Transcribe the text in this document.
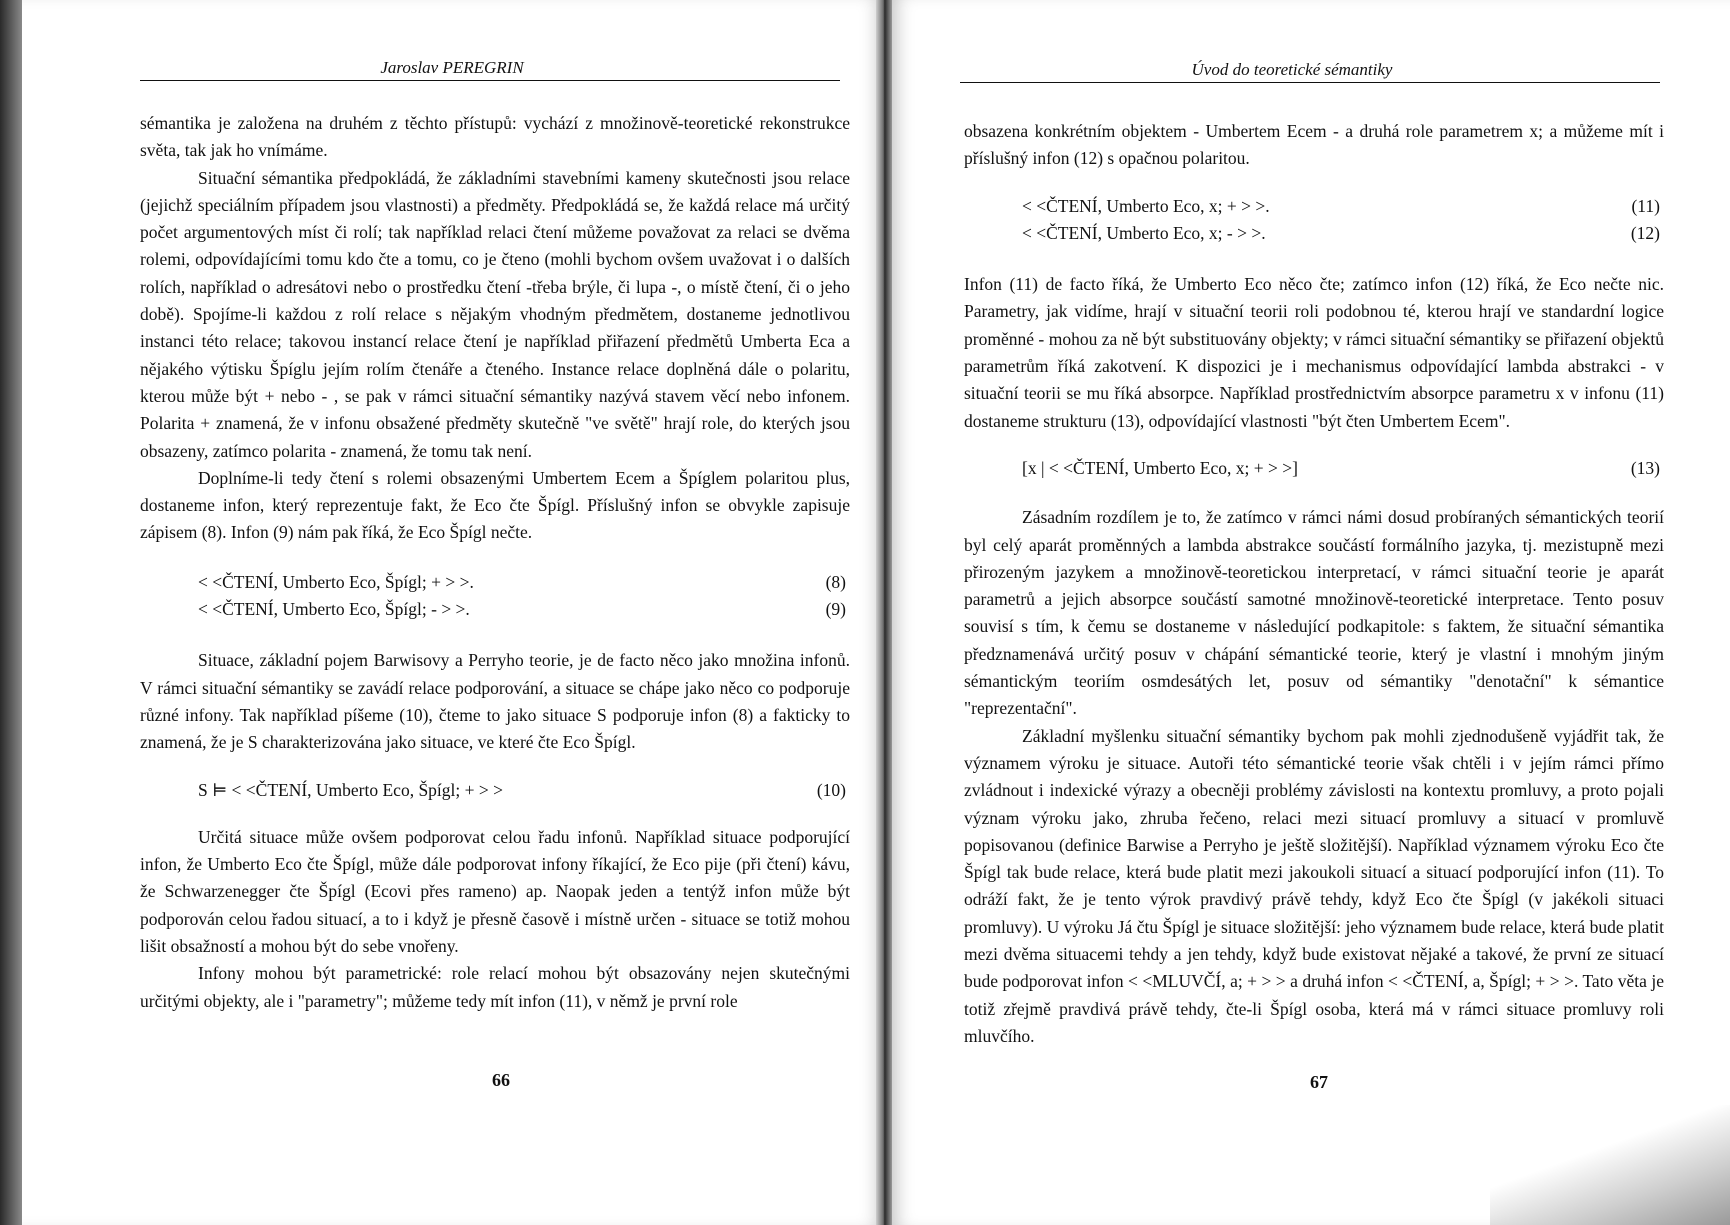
Jaroslav PEREGRIN

sémantika je založena na druhém z těchto přístupů: vychází z množinově-teoretické rekonstrukce světa, tak jak ho vnímáme.

Situační sémantika předpokládá, že základními stavebními kameny skutečnosti jsou relace (jejichž speciálním případem jsou vlastnosti) a předměty. Předpokládá se, že každá relace má určitý počet argumentových míst či rolí; tak například relaci čtení můžeme považovat za relaci se dvěma rolemi, odpovídajícími tomu kdo čte a tomu, co je čteno (mohli bychom ovšem uvažovat i o dalších rolích, například o adresátovi nebo o prostředku čtení -třeba brýle, či lupa -, o místě čtení, či o jeho době). Spojíme-li každou z rolí relace s nějakým vhodným předmětem, dostaneme jednotlivou instanci této relace; takovou instancí relace čtení je například přiřazení předmětů Umberta Eca a nějakého výtisku Špíglu jejím rolím čtenáře a čteného. Instance relace doplněná dále o polaritu, kterou může být + nebo - , se pak v rámci situační sémantiky nazývá stavem věcí nebo infonem. Polarita + znamená, že v infonu obsažené předměty skutečně "ve světě" hrají role, do kterých jsou obsazeny, zatímco polarita - znamená, že tomu tak není.

Doplníme-li tedy čtení s rolemi obsazenými Umbertem Ecem a Špíglem polaritou plus, dostaneme infon, který reprezentuje fakt, že Eco čte Špígl. Příslušný infon se obvykle zapisuje zápisem (8). Infon (9) nám pak říká, že Eco Špígl nečte.

< <ČTENÍ, Umberto Eco, Špígl; + > >.	(8)
< <ČTENÍ, Umberto Eco, Špígl; - > >.	(9)

Situace, základní pojem Barwisovy a Perryho teorie, je de facto něco jako množina infonů. V rámci situační sémantiky se zavádí relace podporování, a situace se chápe jako něco co podporuje různé infony. Tak například píšeme (10), čteme to jako situace S podporuje infon (8) a fakticky to znamená, že je S charakterizována jako situace, ve které čte Eco Špígl.

S ⊨ < <ČTENÍ, Umberto Eco, Špígl; + > >	(10)

Určitá situace může ovšem podporovat celou řadu infonů. Například situace podporující infon, že Umberto Eco čte Špígl, může dále podporovat infony říkající, že Eco pije (při čtení) kávu, že Schwarzenegger čte Špígl (Ecovi přes rameno) ap. Naopak jeden a tentýž infon může být podporován celou řadou situací, a to i když je přesně časově i místně určen - situace se totiž mohou lišit obsažností a mohou být do sebe vnořeny.

Infony mohou být parametrické: role relací mohou být obsazovány nejen skutečnými určitými objekty, ale i "parametry"; můžeme tedy mít infon (11), v němž je první role

66
Úvod do teoretické sémantiky

obsazena konkrétním objektem - Umbertem Ecem - a druhá role parametrem x; a můžeme mít i příslušný infon (12) s opačnou polaritou.

< <ČTENÍ, Umberto Eco, x; + > >.	(11)
< <ČTENÍ, Umberto Eco, x; - > >.	(12)

Infon (11) de facto říká, že Umberto Eco něco čte; zatímco infon (12) říká, že Eco nečte nic. Parametry, jak vidíme, hrají v situační teorii roli podobnou té, kterou hrají ve standardní logice proměnné - mohou za ně být substituovány objekty; v rámci situační sémantiky se přiřazení objektů parametrům říká zakotvení. K dispozici je i mechanismus odpovídající lambda abstrakci - v situační teorii se mu říká absorpce. Například prostřednictvím absorpce parametru x v infonu (11) dostaneme strukturu (13), odpovídající vlastnosti "být čten Umbertem Ecem".

[x | < <ČTENÍ, Umberto Eco, x; + > >]	(13)

Zásadním rozdílem je to, že zatímco v rámci námi dosud probíraných sémantických teorií byl celý aparát proměnných a lambda abstrakce součástí formálního jazyka, tj. mezistupně mezi přirozeným jazykem a množinově-teoretickou interpretací, v rámci situační teorie je aparát parametrů a jejich absorpce součástí samotné množinově-teoretické interpretace. Tento posuv souvisí s tím, k čemu se dostaneme v následující podkapitole: s faktem, že situační sémantika předznamenává určitý posuv v chápání sémantické teorie, který je vlastní i mnohým jiným sémantickým teoriím osmdesátých let, posuv od sémantiky "denotační" k sémantice "reprezentační".

Základní myšlenku situační sémantiky bychom pak mohli zjednodušeně vyjádřit tak, že významem výroku je situace. Autoři této sémantické teorie však chtěli i v jejím rámci přímo zvládnout i indexické výrazy a obecněji problémy závislosti na kontextu promluvy, a proto pojali význam výroku jako, zhruba řečeno, relaci mezi situací promluvy a situací v promluvě popisovanou (definice Barwise a Perryho je ještě složitější). Například významem výroku Eco čte Špígl tak bude relace, která bude platit mezi jakoukoli situací a situací podporující infon (11). To odráží fakt, že je tento výrok pravdivý právě tehdy, když Eco čte Špígl (v jakékoli situaci promluvy). U výroku Já čtu Špígl je situace složitější: jeho významem bude relace, která bude platit mezi dvěma situacemi tehdy a jen tehdy, když bude existovat nějaké a takové, že první ze situací bude podporovat infon < <MLUVČÍ, a; + > > a druhá infon < <ČTENÍ, a, Špígl; + > >. Tato věta je totiž zřejmě pravdivá právě tehdy, čte-li Špígl osoba, která má v rámci situace promluvy roli mluvčího.

67
